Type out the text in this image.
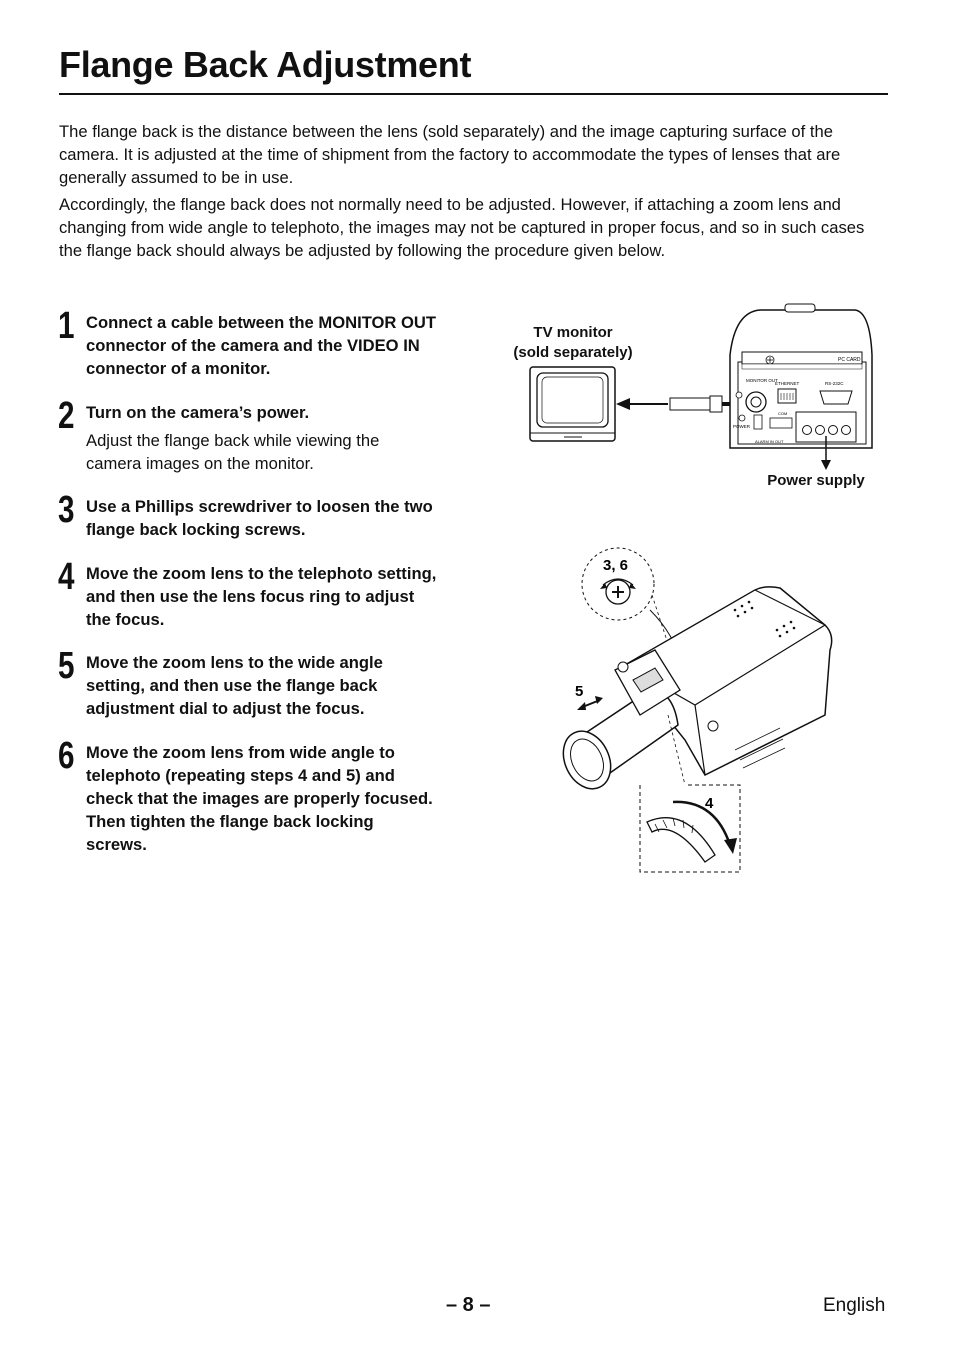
Flange Back Adjustment

The flange back is the distance between the lens (sold separately) and the image capturing surface of the camera. It is adjusted at the time of shipment from the factory to accommodate the types of lenses that are generally assumed to be in use.

Accordingly, the flange back does not normally need to be adjusted. However, if attaching a zoom lens and changing from wide angle to telephoto, the images may not be captured in proper focus, and so in such cases the flange back should always be adjusted by following the procedure given below.

1 Connect a cable between the MONITOR OUT connector of the camera and the VIDEO IN connector of a monitor.
2 Turn on the camera’s power.
Adjust the flange back while viewing the camera images on the monitor.
3 Use a Phillips screwdriver to loosen the two flange back locking screws.
4 Move the zoom lens to the telephoto setting, and then use the lens focus ring to adjust the focus.
5 Move the zoom lens to the wide angle setting, and then use the flange back adjustment dial to adjust the focus.
6 Move the zoom lens from wide angle to telephoto (repeating steps 4 and 5) and check that the images are properly focused. Then tighten the flange back locking screws.
TV monitor
(sold separately)
Power supply
PC CARD
MONITOR OUT
ETHERNET	RS-232C
POWER
COM
ALARM IN OUT
3, 6
5
4
– 8 –	English
